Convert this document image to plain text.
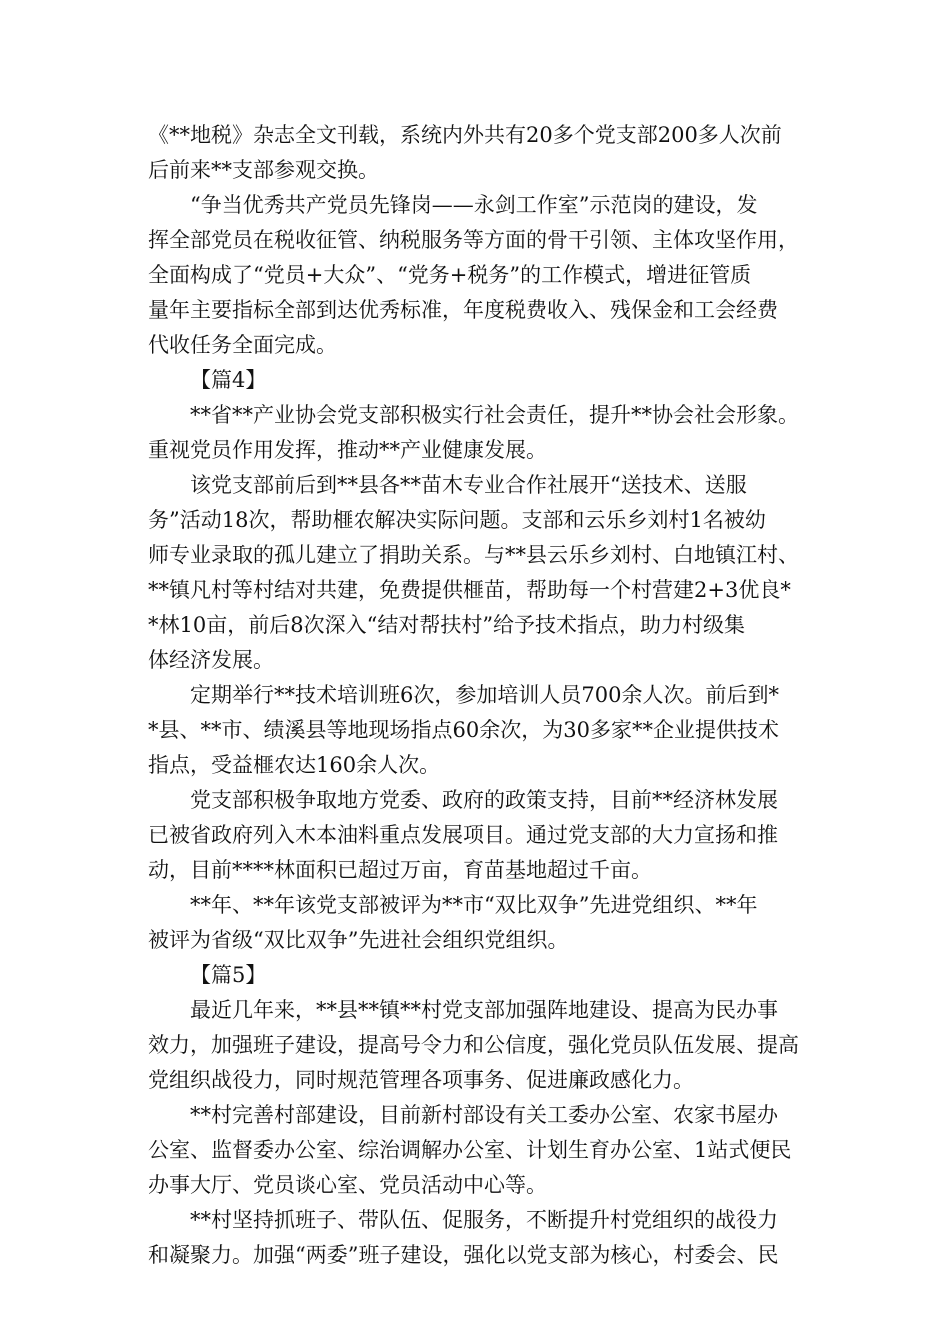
《**地税》杂志全文刊载，系统内外共有20多个党支部200多人次前
后前来**支部参观交换。
“争当优秀共产党员先锋岗——永剑工作室”示范岗的建设，发
挥全部党员在税收征管、纳税服务等方面的骨干引领、主体攻坚作用，
全面构成了“党员+大众”、“党务+税务”的工作模式，增进征管质
量年主要指标全部到达优秀标准，年度税费收入、残保金和工会经费
代收任务全面完成。
【篇4】
**省**产业协会党支部积极实行社会责任，提升**协会社会形象。
重视党员作用发挥，推动**产业健康发展。
该党支部前后到**县各**苗木专业合作社展开“送技术、送服
务”活动18次，帮助榧农解决实际问题。支部和云乐乡刘村1名被幼
师专业录取的孤儿建立了捐助关系。与**县云乐乡刘村、白地镇江村、
**镇凡村等村结对共建，免费提供榧苗，帮助每一个村营建2+3优良*
*林10亩，前后8次深入“结对帮扶村”给予技术指点，助力村级集
体经济发展。
定期举行**技术培训班6次，参加培训人员700余人次。前后到*
*县、**市、绩溪县等地现场指点60余次，为30多家**企业提供技术
指点，受益榧农达160余人次。
党支部积极争取地方党委、政府的政策支持，目前**经济林发展
已被省政府列入木本油料重点发展项目。通过党支部的大力宣扬和推
动，目前****林面积已超过万亩，育苗基地超过千亩。
**年、**年该党支部被评为**市“双比双争”先进党组织、**年
被评为省级“双比双争”先进社会组织党组织。
【篇5】
最近几年来，**县**镇**村党支部加强阵地建设、提高为民办事
效力，加强班子建设，提高号令力和公信度，强化党员队伍发展、提高
党组织战役力，同时规范管理各项事务、促进廉政感化力。
**村完善村部建设，目前新村部设有关工委办公室、农家书屋办
公室、监督委办公室、综治调解办公室、计划生育办公室、1站式便民
办事大厅、党员谈心室、党员活动中心等。
**村坚持抓班子、带队伍、促服务，不断提升村党组织的战役力
和凝聚力。加强“两委”班子建设，强化以党支部为核心，村委会、民
